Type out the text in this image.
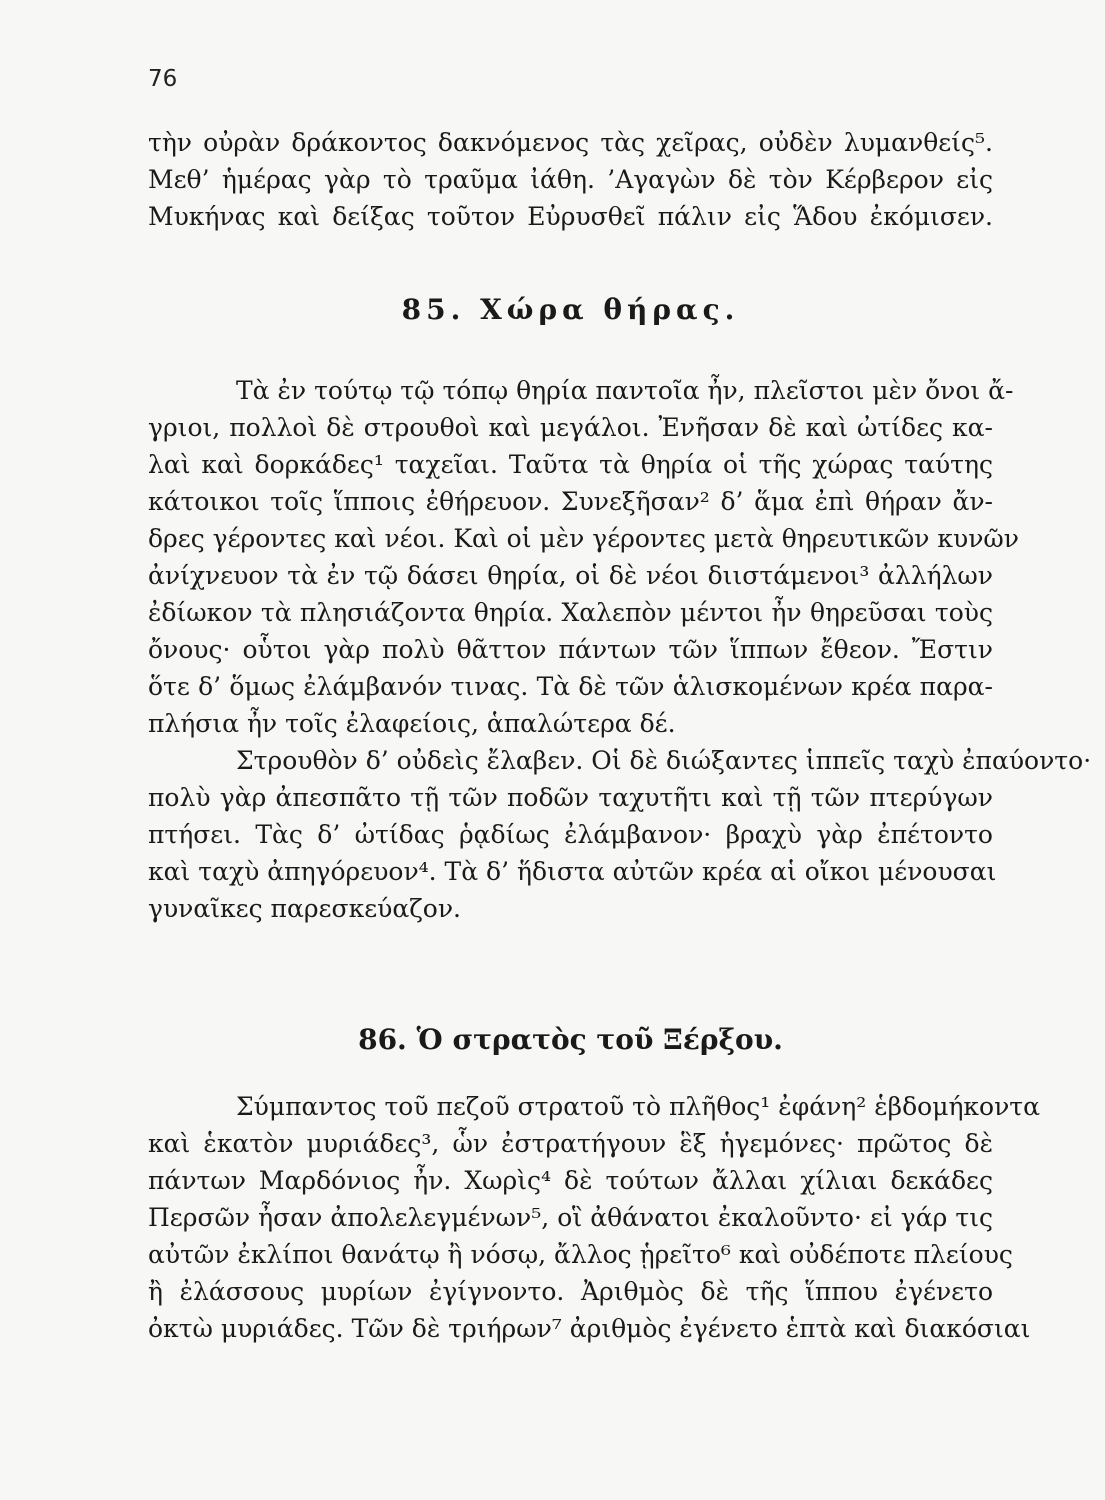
76
τὴν οὐρὰν δράκοντος δακνόμενος τὰς χεῖρας, οὐδὲν λυμανθείς⁵.
Μεθ’ ἡμέρας γὰρ τὸ τραῦμα ἰάθη. ’Αγαγὼν δὲ τὸν Κέρβερον εἰς
Μυκήνας καὶ δείξας τοῦτον Εὐρυσθεῖ πάλιν εἰς Ἅδου ἐκόμισεν.
85. Χώρα θήρας.
Τὰ ἐν τούτῳ τῷ τόπῳ θηρία παντοῖα ἦν, πλεῖστοι μὲν ὄνοι ἄ-
γριοι, πολλοὶ δὲ στρουθοὶ καὶ μεγάλοι. Ἐνῆσαν δὲ καὶ ὠτίδες κα-
λαὶ καὶ δορκάδες¹ ταχεῖαι. Ταῦτα τὰ θηρία οἱ τῆς χώρας ταύτης
κάτοικοι τοῖς ἵπποις ἐθήρευον. Συνεξῆσαν² δ’ ἅμα ἐπὶ θήραν ἄν-
δρες γέροντες καὶ νέοι. Καὶ οἱ μὲν γέροντες μετὰ θηρευτικῶν κυνῶν
ἀνίχνευον τὰ ἐν τῷ δάσει θηρία, οἱ δὲ νέοι διιστάμενοι³ ἀλλήλων
ἐδίωκον τὰ πλησιάζοντα θηρία. Χαλεπὸν μέντοι ἦν θηρεῦσαι τοὺς
ὄνους· οὗτοι γὰρ πολὺ θᾶττον πάντων τῶν ἵππων ἔθεον. Ἔστιν
ὅτε δ’ ὅμως ἐλάμβανόν τινας. Τὰ δὲ τῶν ἁλισκομένων κρέα παρα-
πλήσια ἦν τοῖς ἐλαφείοις, ἁπαλώτερα δέ.
Στρουθὸν δ’ οὐδεὶς ἔλαβεν. Οἱ δὲ διώξαντες ἱππεῖς ταχὺ ἐπαύοντο·
πολὺ γὰρ ἀπεσπᾶτο τῇ τῶν ποδῶν ταχυτῆτι καὶ τῇ τῶν πτερύγων
πτήσει. Τὰς δ’ ὠτίδας ῥᾳδίως ἐλάμβανον· βραχὺ γὰρ ἐπέτοντο
καὶ ταχὺ ἀπηγόρευον⁴. Τὰ δ’ ἥδιστα αὐτῶν κρέα αἱ οἴκοι μένουσαι
γυναῖκες παρεσκεύαζον.
86. Ὁ στρατὸς τοῦ Ξέρξου.
Σύμπαντος τοῦ πεζοῦ στρατοῦ τὸ πλῆθος¹ ἐφάνη² ἑβδομήκοντα
καὶ ἑκατὸν μυριάδες³, ὧν ἐστρατήγουν ἓξ ἡγεμόνες· πρῶτος δὲ
πάντων Μαρδόνιος ἦν. Χωρὶς⁴ δὲ τούτων ἄλλαι χίλιαι δεκάδες
Περσῶν ἦσαν ἀπολελεγμένων⁵, οἳ ἀθάνατοι ἐκαλοῦντο· εἰ γάρ τις
αὐτῶν ἐκλίποι θανάτῳ ἢ νόσῳ, ἄλλος ᾑρεῖτο⁶ καὶ οὐδέποτε πλείους
ἢ ἐλάσσους μυρίων ἐγίγνοντο. Ἀριθμὸς δὲ τῆς ἵππου ἐγένετο
ὀκτὼ μυριάδες. Τῶν δὲ τριήρων⁷ ἀριθμὸς ἐγένετο ἑπτὰ καὶ διακόσιαι
